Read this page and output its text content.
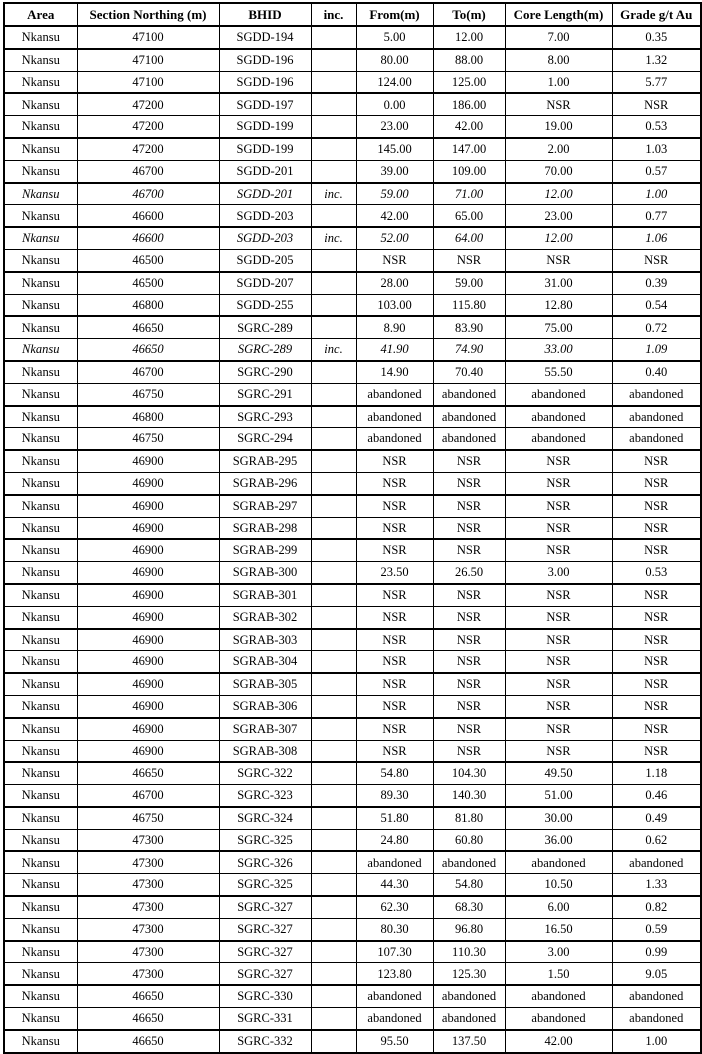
Area	Section Northing (m)	BHID	inc.	From(m)	To(m)	Core Length(m)	Grade g/t Au
Nkansu	47100	SGDD-194		5.00	12.00	7.00	0.35
Nkansu	47100	SGDD-196		80.00	88.00	8.00	1.32
Nkansu	47100	SGDD-196		124.00	125.00	1.00	5.77
Nkansu	47200	SGDD-197		0.00	186.00	NSR	NSR
Nkansu	47200	SGDD-199		23.00	42.00	19.00	0.53
Nkansu	47200	SGDD-199		145.00	147.00	2.00	1.03
Nkansu	46700	SGDD-201		39.00	109.00	70.00	0.57
Nkansu	46700	SGDD-201	inc.	59.00	71.00	12.00	1.00
Nkansu	46600	SGDD-203		42.00	65.00	23.00	0.77
Nkansu	46600	SGDD-203	inc.	52.00	64.00	12.00	1.06
Nkansu	46500	SGDD-205		NSR	NSR	NSR	NSR
Nkansu	46500	SGDD-207		28.00	59.00	31.00	0.39
Nkansu	46800	SGDD-255		103.00	115.80	12.80	0.54
Nkansu	46650	SGRC-289		8.90	83.90	75.00	0.72
Nkansu	46650	SGRC-289	inc.	41.90	74.90	33.00	1.09
Nkansu	46700	SGRC-290		14.90	70.40	55.50	0.40
Nkansu	46750	SGRC-291		abandoned	abandoned	abandoned	abandoned
Nkansu	46800	SGRC-293		abandoned	abandoned	abandoned	abandoned
Nkansu	46750	SGRC-294		abandoned	abandoned	abandoned	abandoned
Nkansu	46900	SGRAB-295		NSR	NSR	NSR	NSR
Nkansu	46900	SGRAB-296		NSR	NSR	NSR	NSR
Nkansu	46900	SGRAB-297		NSR	NSR	NSR	NSR
Nkansu	46900	SGRAB-298		NSR	NSR	NSR	NSR
Nkansu	46900	SGRAB-299		NSR	NSR	NSR	NSR
Nkansu	46900	SGRAB-300		23.50	26.50	3.00	0.53
Nkansu	46900	SGRAB-301		NSR	NSR	NSR	NSR
Nkansu	46900	SGRAB-302		NSR	NSR	NSR	NSR
Nkansu	46900	SGRAB-303		NSR	NSR	NSR	NSR
Nkansu	46900	SGRAB-304		NSR	NSR	NSR	NSR
Nkansu	46900	SGRAB-305		NSR	NSR	NSR	NSR
Nkansu	46900	SGRAB-306		NSR	NSR	NSR	NSR
Nkansu	46900	SGRAB-307		NSR	NSR	NSR	NSR
Nkansu	46900	SGRAB-308		NSR	NSR	NSR	NSR
Nkansu	46650	SGRC-322		54.80	104.30	49.50	1.18
Nkansu	46700	SGRC-323		89.30	140.30	51.00	0.46
Nkansu	46750	SGRC-324		51.80	81.80	30.00	0.49
Nkansu	47300	SGRC-325		24.80	60.80	36.00	0.62
Nkansu	47300	SGRC-326		abandoned	abandoned	abandoned	abandoned
Nkansu	47300	SGRC-325		44.30	54.80	10.50	1.33
Nkansu	47300	SGRC-327		62.30	68.30	6.00	0.82
Nkansu	47300	SGRC-327		80.30	96.80	16.50	0.59
Nkansu	47300	SGRC-327		107.30	110.30	3.00	0.99
Nkansu	47300	SGRC-327		123.80	125.30	1.50	9.05
Nkansu	46650	SGRC-330		abandoned	abandoned	abandoned	abandoned
Nkansu	46650	SGRC-331		abandoned	abandoned	abandoned	abandoned
Nkansu	46650	SGRC-332		95.50	137.50	42.00	1.00
